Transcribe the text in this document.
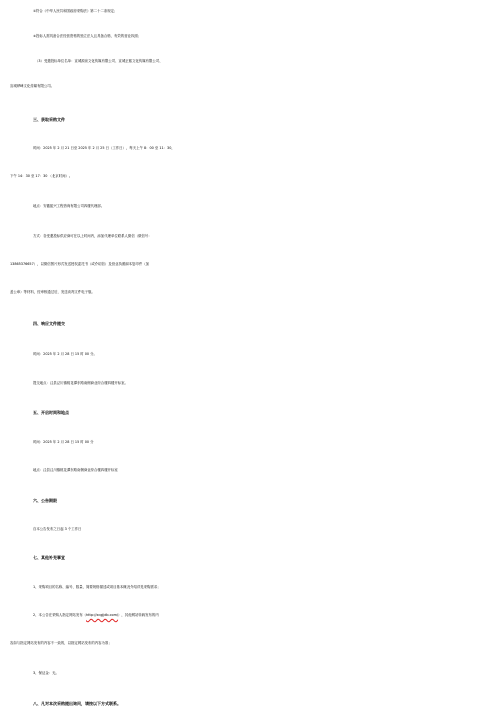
①符合《中华人民共和国政府采购法》第二十二条规定；
②投标人需具备合法经营资格的独立法人且具备合格、有效的营业执照；
（3）受邀投标单位名单：宣城源泉文化传媒有限公司、宣城正熙文化传媒有限公司、
宣城烨峰文化传媒有限公司。
三、获取采购文件
时间：2025 年 2 月 21 日至 2025 年 2 月 25 日（工作日），每天上午 8：00 至 11：30，
下午 14：30 至 17：30 （北京时间）。
地点：安徽振兴工程咨询有限公司四楼代理部。
方式：各受邀投标供应商可在以上时间内，添加代理单位联系人微信（微信号：
13865376657），以微信图片形式发送授权委托书（或介绍信）及营业执照副本复印件（加
盖公章）等材料，经审核通过后，发送谈判文件电子版。
四、响应文件提交
时间：2025 年 2 月 28 日 15 时 00 分。
提交地点：泾县泾川镇桃花潭东路南侧商业综合楼四楼开标室。
五、开启时间和地点
时间：2025 年 2 月 28 日 15 时 00 分
地点：泾县泾川镇桃花潭东路南侧商业综合楼四楼开标室
六、公告期限
自本公告发布之日起 3 个工作日
七、其他补充事宜
1、采购项目的名称、编号、数量、简要规格描述或项目基本概况介绍详见采购需求；
2、本公告在采购人指定网站发布（http://xcgjjdb.com/），其他网站转载发布的内
容如与指定网站发布的内容不一致的，以指定网站发布的内容为准；
3、保证金：无。
八、凡对本次采购提出询问，请按以下方式联系。
